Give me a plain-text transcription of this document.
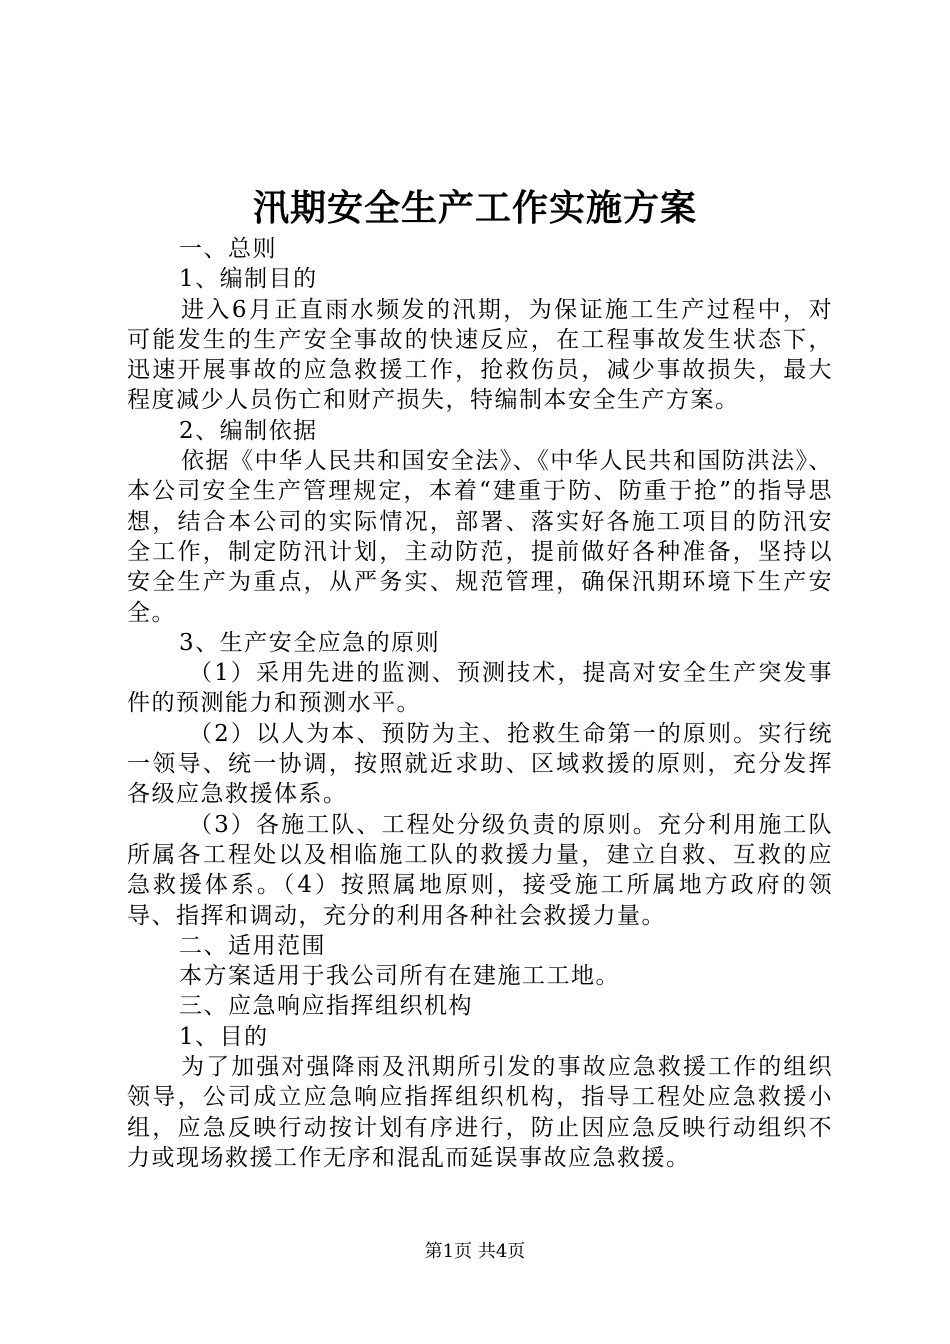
汛期安全生产工作实施方案

一、总则

1、编制目的

进入6月正直雨水频发的汛期，为保证施工生产过程中，对可能发生的生产安全事故的快速反应，在工程事故发生状态下，迅速开展事故的应急救援工作，抢救伤员，减少事故损失，最大程度减少人员伤亡和财产损失，特编制本安全生产方案。

2、编制依据

依据《中华人民共和国安全法》、《中华人民共和国防洪法》、本公司安全生产管理规定，本着“建重于防、防重于抢”的指导思想，结合本公司的实际情况，部署、落实好各施工项目的防汛安全工作，制定防汛计划，主动防范，提前做好各种准备，坚持以安全生产为重点，从严务实、规范管理，确保汛期环境下生产安全。

3、生产安全应急的原则

（1）采用先进的监测、预测技术，提高对安全生产突发事件的预测能力和预测水平。

（2）以人为本、预防为主、抢救生命第一的原则。实行统一领导、统一协调，按照就近求助、区域救援的原则，充分发挥各级应急救援体系。

（3）各施工队、工程处分级负责的原则。充分利用施工队所属各工程处以及相临施工队的救援力量，建立自救、互救的应急救援体系。（4）按照属地原则，接受施工所属地方政府的领导、指挥和调动，充分的利用各种社会救援力量。

二、适用范围

本方案适用于我公司所有在建施工工地。

三、应急响应指挥组织机构

1、目的

为了加强对强降雨及汛期所引发的事故应急救援工作的组织领导，公司成立应急响应指挥组织机构，指导工程处应急救援小组，应急反映行动按计划有序进行，防止因应急反映行动组织不力或现场救援工作无序和混乱而延误事故应急救援。

第1页 共4页
